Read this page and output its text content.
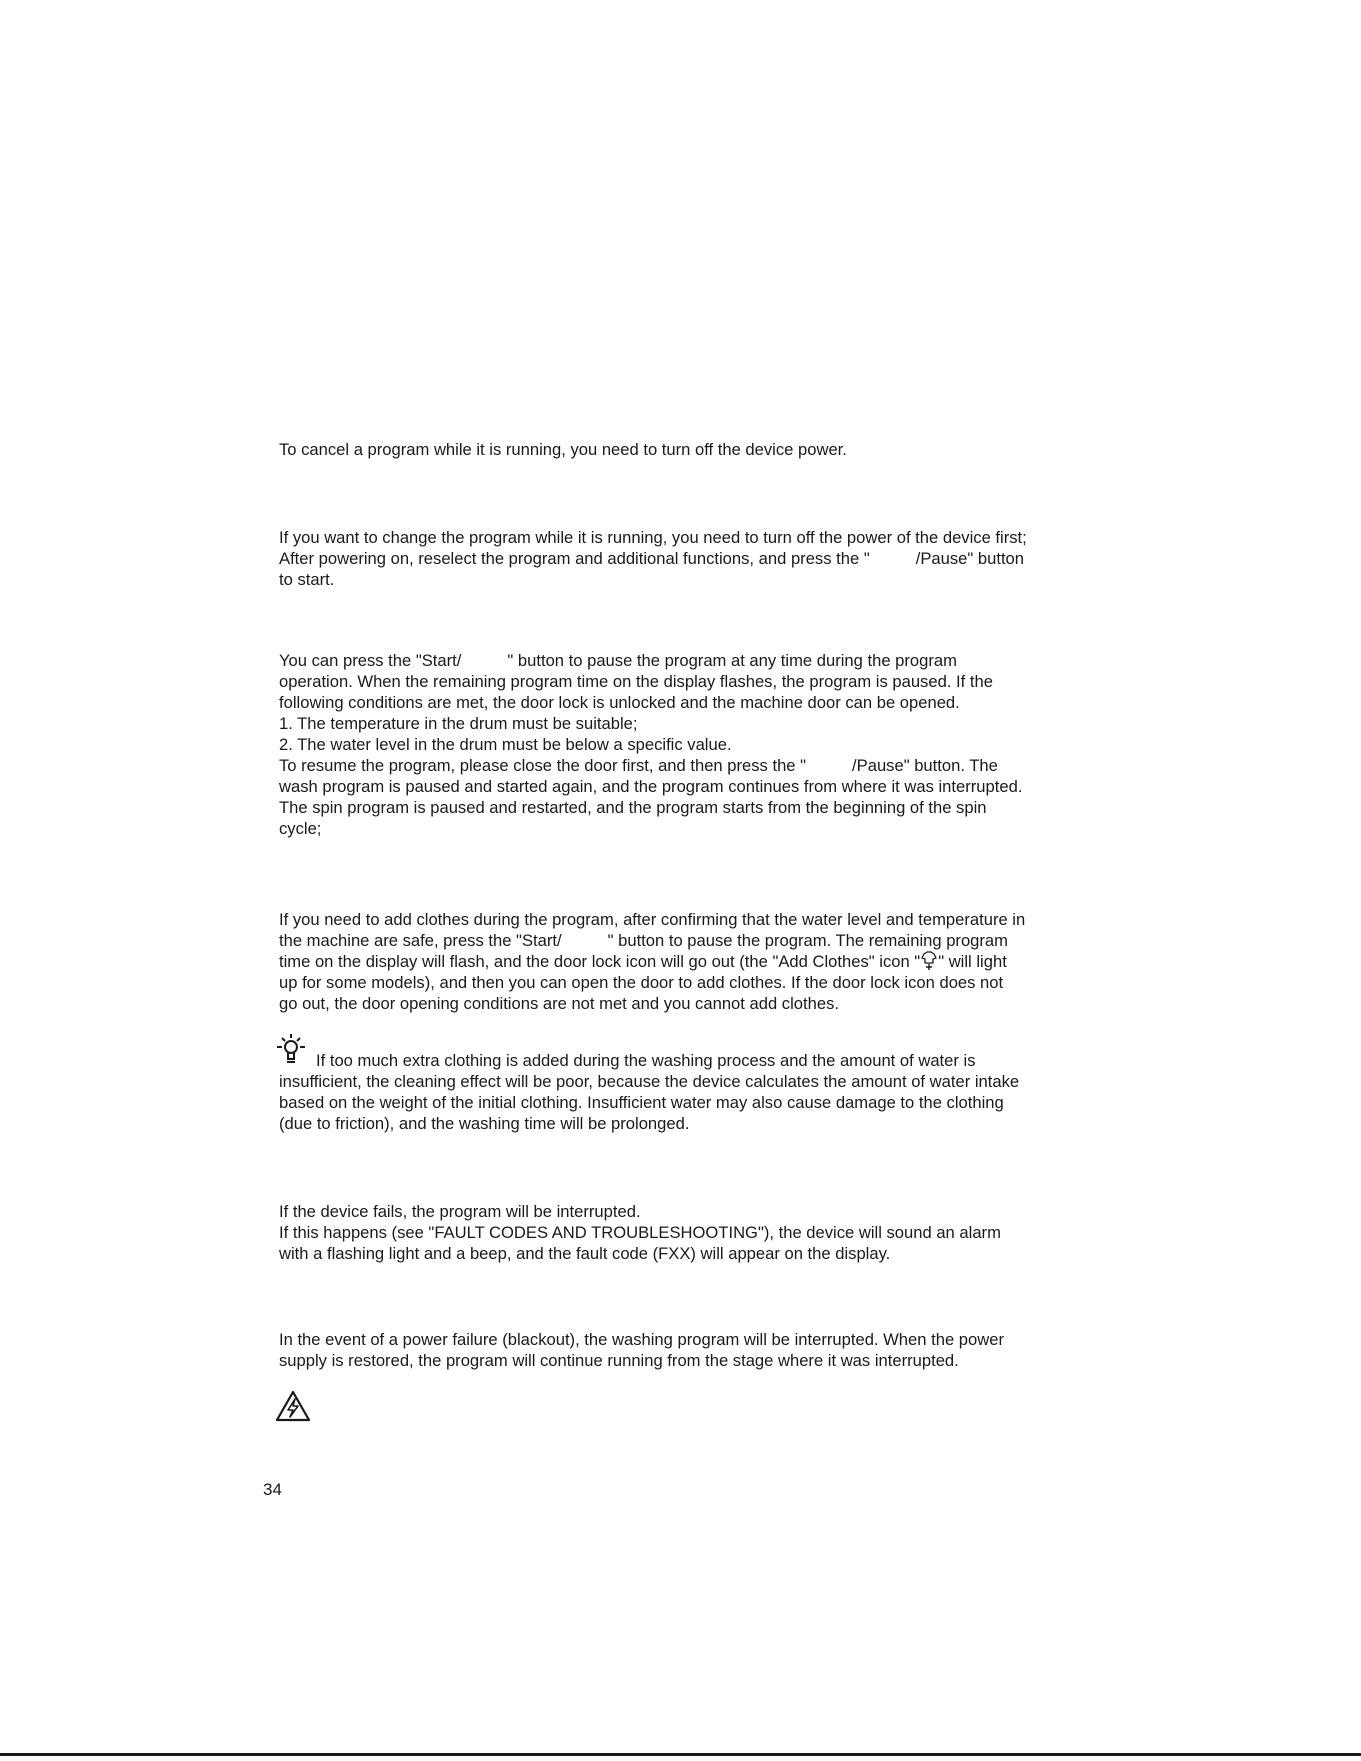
To cancel a program while it is running, you need to turn off the device power.

If you want to change the program while it is running, you need to turn off the power of the device first;

After powering on, reselect the program and additional functions, and press the "	/Pause" button

to start.

You can press the "Start/	" button to pause the program at any time during the program

operation. When the remaining program time on the display flashes, the program is paused. If the

following conditions are met, the door lock is unlocked and the machine door can be opened.

1. The temperature in the drum must be suitable;

2. The water level in the drum must be below a specific value.

To resume the program, please close the door first, and then press the "	/Pause" button. The

wash program is paused and started again, and the program continues from where it was interrupted.

The spin program is paused and restarted, and the program starts from the beginning of the spin

cycle;

If you need to add clothes during the program, after confirming that the water level and temperature in

the machine are safe, press the "Start/	" button to pause the program. The remaining program

time on the display will flash, and the door lock icon will go out (the "Add Clothes" icon " " will light

up for some models), and then you can open the door to add clothes. If the door lock icon does not

go out, the door opening conditions are not met and you cannot add clothes.

If too much extra clothing is added during the washing process and the amount of water is

insufficient, the cleaning effect will be poor, because the device calculates the amount of water intake

based on the weight of the initial clothing. Insufficient water may also cause damage to the clothing

(due to friction), and the washing time will be prolonged.

If the device fails, the program will be interrupted.

If this happens (see "FAULT CODES AND TROUBLESHOOTING"), the device will sound an alarm

with a flashing light and a beep, and the fault code (FXX) will appear on the display.

In the event of a power failure (blackout), the washing program will be interrupted. When the power

supply is restored, the program will continue running from the stage where it was interrupted.

34
